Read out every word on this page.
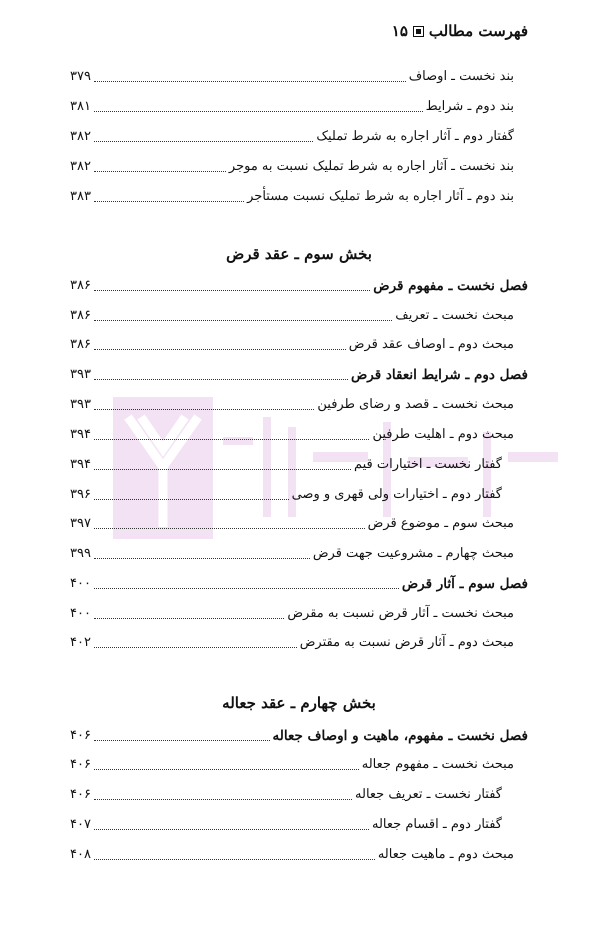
فهرست مطالب
۱۵
بند نخست ـ اوصاف
۳۷۹
بند دوم ـ شرایط
۳۸۱
گفتار دوم ـ آثار اجاره به شرط تملیک
۳۸۲
بند نخست ـ آثار اجاره به شرط تملیک نسبت به موجر
۳۸۲
بند دوم ـ آثار اجاره به شرط تملیک نسبت مستأجر
۳۸۳
بخش سوم ـ عقد قرض
فصل نخست ـ مفهوم قرض
۳۸۶
مبحث نخست ـ تعریف
۳۸۶
مبحث دوم ـ اوصاف عقد قرض
۳۸۶
فصل دوم ـ شرایط انعقاد قرض
۳۹۳
مبحث نخست ـ قصد و رضای طرفین
۳۹۳
مبحث دوم ـ اهلیت طرفین
۳۹۴
گفتار نخست ـ اختیارات قیم
۳۹۴
گفتار دوم ـ اختیارات ولی قهری و وصی
۳۹۶
مبحث سوم ـ موضوع قرض
۳۹۷
مبحث چهارم ـ مشروعیت جهت قرض
۳۹۹
فصل سوم ـ آثار قرض
۴۰۰
مبحث نخست ـ آثار قرض نسبت به مقرض
۴۰۰
مبحث دوم ـ آثار قرض نسبت به مقترض
۴۰۲
بخش چهارم ـ عقد جعاله
فصل نخست ـ مفهوم، ماهیت و اوصاف جعاله
۴۰۶
مبحث نخست ـ مفهوم جعاله
۴۰۶
گفتار نخست ـ تعریف جعاله
۴۰۶
گفتار دوم ـ اقسام جعاله
۴۰۷
مبحث دوم ـ ماهیت جعاله
۴۰۸
